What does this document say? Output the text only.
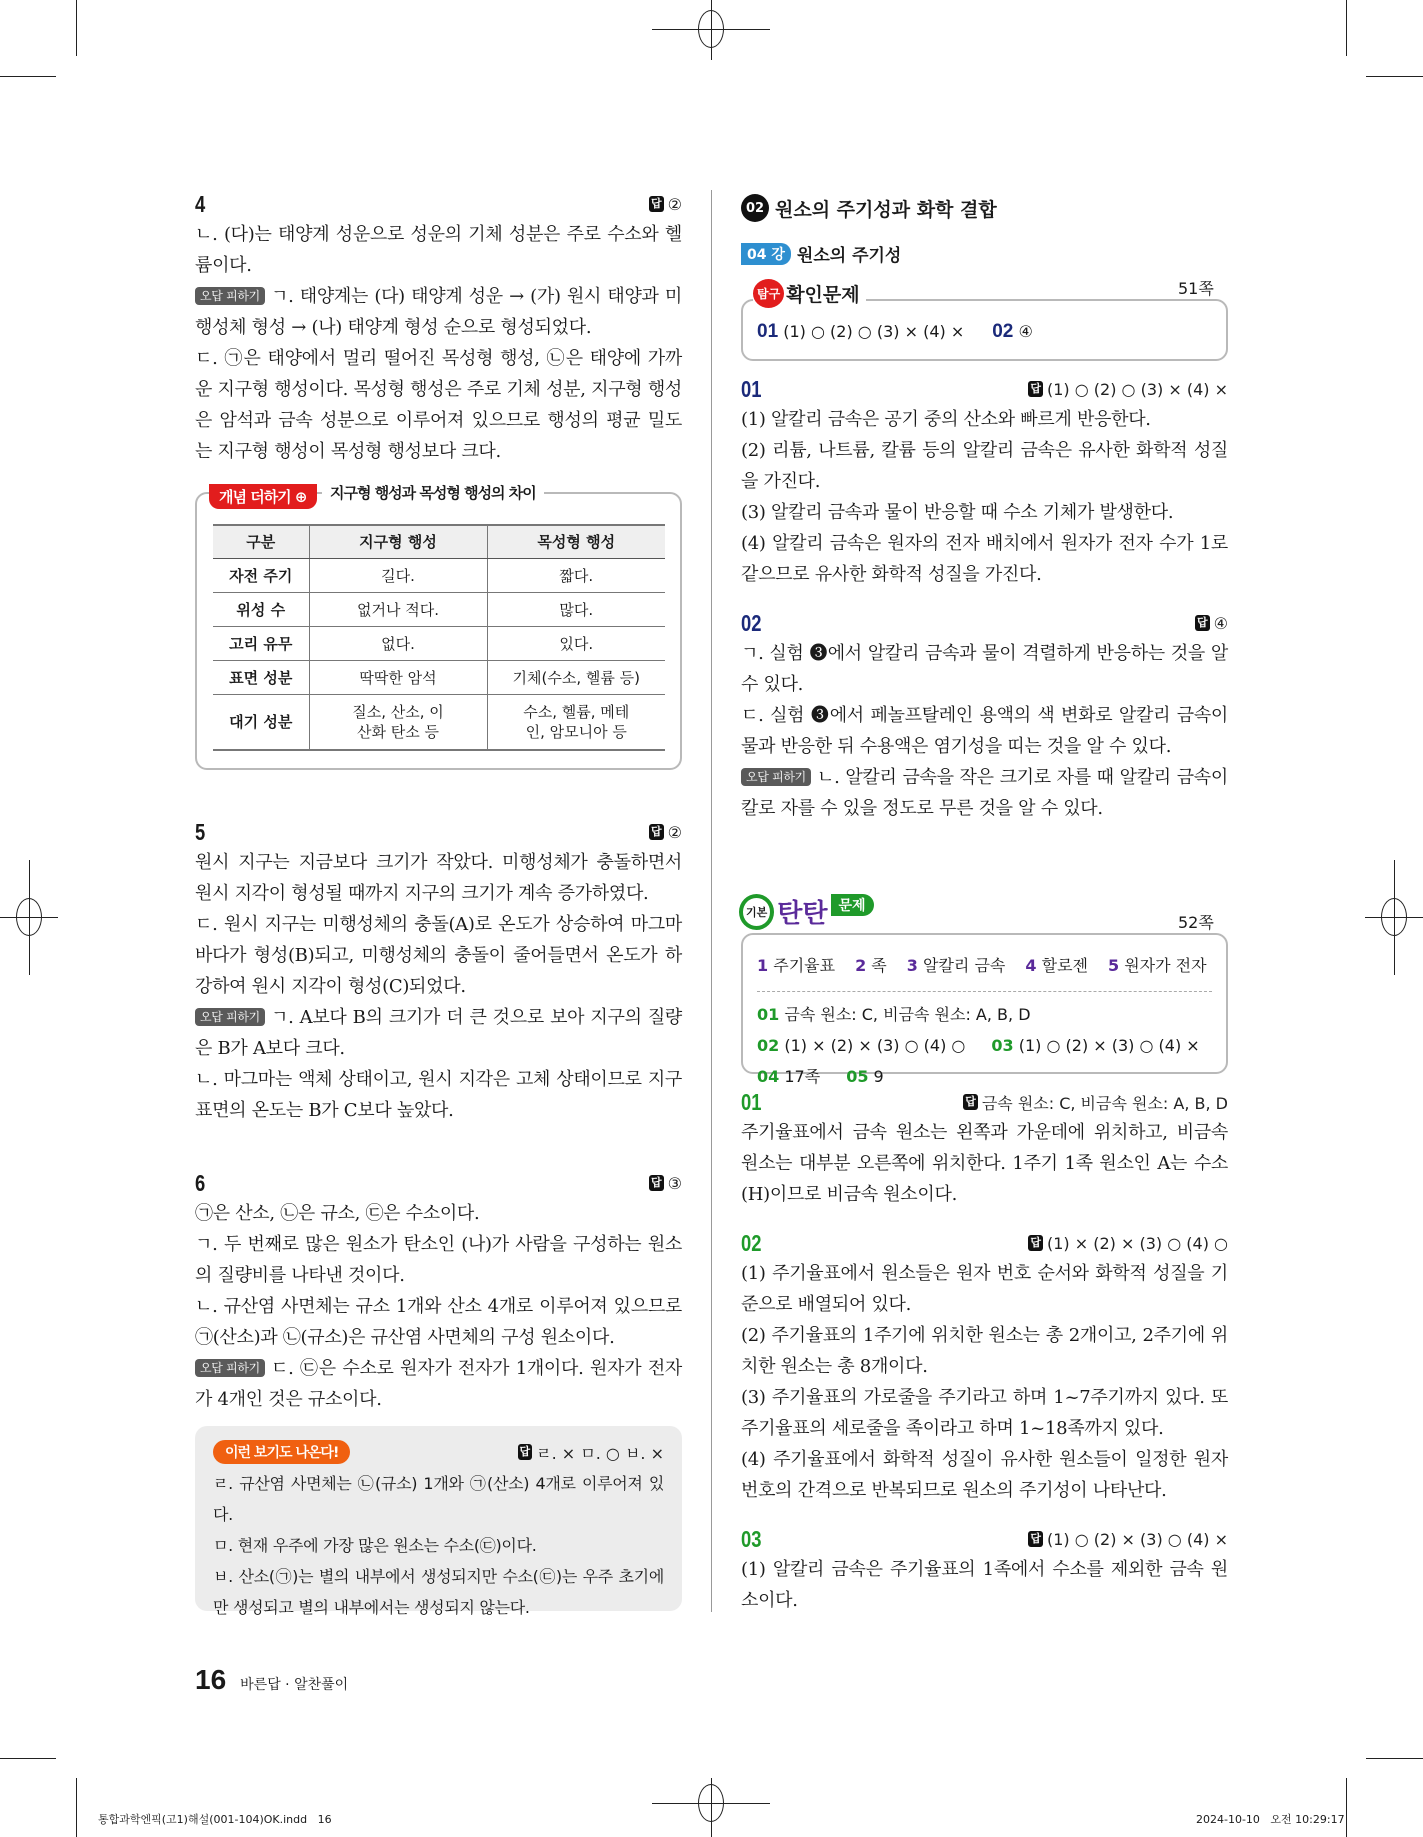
4	답 ②

ㄴ. (다)는 태양계 성운으로 성운의 기체 성분은 주로 수소와 헬륨이다.

오답 피하기 ㄱ. 태양계는 (다) 태양계 성운 → (가) 원시 태양과 미행성체 형성 → (나) 태양계 형성 순으로 형성되었다.

ㄷ. ㉠은 태양에서 멀리 떨어진 목성형 행성, ㉡은 태양에 가까운 지구형 행성이다. 목성형 행성은 주로 기체 성분, 지구형 행성은 암석과 금속 성분으로 이루어져 있으므로 행성의 평균 밀도는 지구형 행성이 목성형 행성보다 크다.

개념 더하기 ⊕	지구형 행성과 목성형 행성의 차이
구분	지구형 행성	목성형 행성
자전 주기	길다.	짧다.
위성 수	없거나 적다.	많다.
고리 유무	없다.	있다.
표면 성분	딱딱한 암석	기체(수소, 헬륨 등)
대기 성분	질소, 산소, 이산화 탄소 등	수소, 헬륨, 메테인, 암모니아 등
5	답 ②

원시 지구는 지금보다 크기가 작았다. 미행성체가 충돌하면서 원시 지각이 형성될 때까지 지구의 크기가 계속 증가하였다.

ㄷ. 원시 지구는 미행성체의 충돌(A)로 온도가 상승하여 마그마 바다가 형성(B)되고, 미행성체의 충돌이 줄어들면서 온도가 하강하여 원시 지각이 형성(C)되었다.

오답 피하기 ㄱ. A보다 B의 크기가 더 큰 것으로 보아 지구의 질량은 B가 A보다 크다.

ㄴ. 마그마는 액체 상태이고, 원시 지각은 고체 상태이므로 지구 표면의 온도는 B가 C보다 높았다.

6	답 ③

㉠은 산소, ㉡은 규소, ㉢은 수소이다.

ㄱ. 두 번째로 많은 원소가 탄소인 (나)가 사람을 구성하는 원소의 질량비를 나타낸 것이다.

ㄴ. 규산염 사면체는 규소 1개와 산소 4개로 이루어져 있으므로 ㉠(산소)과 ㉡(규소)은 규산염 사면체의 구성 원소이다.

오답 피하기 ㄷ. ㉢은 수소로 원자가 전자가 1개이다. 원자가 전자가 4개인 것은 규소이다.

이런 보기도 나온다!	답 ㄹ. × ㅁ. ○ ㅂ. ×

ㄹ. 규산염 사면체는 ㉡(규소) 1개와 ㉠(산소) 4개로 이루어져 있다.

ㅁ. 현재 우주에 가장 많은 원소는 수소(㉢)이다.

ㅂ. 산소(㉠)는 별의 내부에서 생성되지만 수소(㉢)는 우주 초기에만 생성되고 별의 내부에서는 생성되지 않는다.

02 원소의 주기성과 화학 결합
04 강 원소의 주기성
51쪽
탐구 확인문제
01 (1) ○ (2) ○ (3) × (4) × 02 ④
01	답 (1) ○ (2) ○ (3) × (4) ×

(1) 알칼리 금속은 공기 중의 산소와 빠르게 반응한다.

(2) 리튬, 나트륨, 칼륨 등의 알칼리 금속은 유사한 화학적 성질을 가진다.

(3) 알칼리 금속과 물이 반응할 때 수소 기체가 발생한다.

(4) 알칼리 금속은 원자의 전자 배치에서 원자가 전자 수가 1로 같으므로 유사한 화학적 성질을 가진다.

02	답 ④

ㄱ. 실험 ❸에서 알칼리 금속과 물이 격렬하게 반응하는 것을 알 수 있다.

ㄷ. 실험 ❸에서 페놀프탈레인 용액의 색 변화로 알칼리 금속이 물과 반응한 뒤 수용액은 염기성을 띠는 것을 알 수 있다.

오답 피하기 ㄴ. 알칼리 금속을 작은 크기로 자를 때 알칼리 금속이 칼로 자를 수 있을 정도로 무른 것을 알 수 있다.

52쪽
기본 탄탄 문제
1 주기율표 2 족 3 알칼리 금속 4 할로젠 5 원자가 전자
01 금속 원소: C, 비금속 원소: A, B, D
02 (1) × (2) × (3) ○ (4) ○ 03 (1) ○ (2) × (3) ○ (4) ×
04 17족 05 9
01	답 금속 원소: C, 비금속 원소: A, B, D

주기율표에서 금속 원소는 왼쪽과 가운데에 위치하고, 비금속 원소는 대부분 오른쪽에 위치한다. 1주기 1족 원소인 A는 수소(H)이므로 비금속 원소이다.

02	답 (1) × (2) × (3) ○ (4) ○

(1) 주기율표에서 원소들은 원자 번호 순서와 화학적 성질을 기준으로 배열되어 있다.

(2) 주기율표의 1주기에 위치한 원소는 총 2개이고, 2주기에 위치한 원소는 총 8개이다.

(3) 주기율표의 가로줄을 주기라고 하며 1~7주기까지 있다. 또 주기율표의 세로줄을 족이라고 하며 1~18족까지 있다.

(4) 주기율표에서 화학적 성질이 유사한 원소들이 일정한 원자 번호의 간격으로 반복되므로 원소의 주기성이 나타난다.

03	답 (1) ○ (2) × (3) ○ (4) ×

(1) 알칼리 금속은 주기율표의 1족에서 수소를 제외한 금속 원소이다.

16 바른답 · 알찬풀이
통합과학엔픽(고1)해설(001-104)OK.indd   16	2024-10-10   오전 10:29:17
